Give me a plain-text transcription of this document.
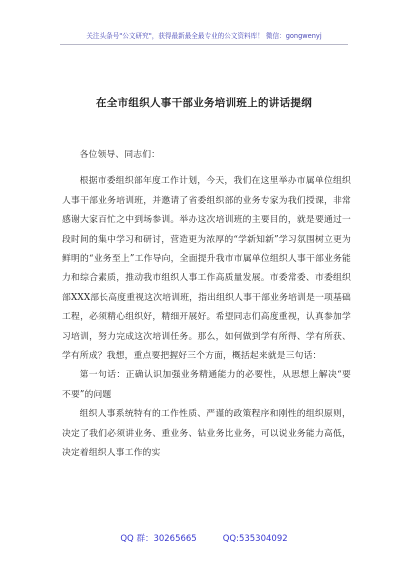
关注头条号"公文研究"，获得最新最全最专业的公文资料库！ 微信：gongwenyj
在全市组织人事干部业务培训班上的讲话提纲

各位领导、同志们：

根据市委组织部年度工作计划，今天，我们在这里举办市属单位组织人事干部业务培训班，并邀请了省委组织部的业务专家为我们授课，非常感谢大家百忙之中到场参训。举办这次培训班的主要目的，就是要通过一段时间的集中学习和研讨，营造更为浓厚的“学新知新”学习氛围树立更为鲜明的“业务至上”工作导向，全面提升我市市属单位组织人事干部业务能力和综合素质，推动我市组织人事工作高质量发展。市委常委、市委组织部XXX部长高度重视这次培训班，指出组织人事干部业务培训是一项基础工程，必须精心组织好，精细开展好。希望同志们高度重视，认真参加学习培训，努力完成这次培训任务。那么，如何做到学有所得、学有所获、学有所成？我想，重点要把握好三个方面，概括起来就是三句话：

第一句话：正确认识加强业务精通能力的必要性，从思想上解决“要不要”的问题

组织人事系统特有的工作性质、严谨的政策程序和刚性的组织原则，决定了我们必须讲业务、重业务、钻业务比业务，可以说业务能力高低，决定着组织人事工作的实

QQ 群：30265665	QQ:535304092
